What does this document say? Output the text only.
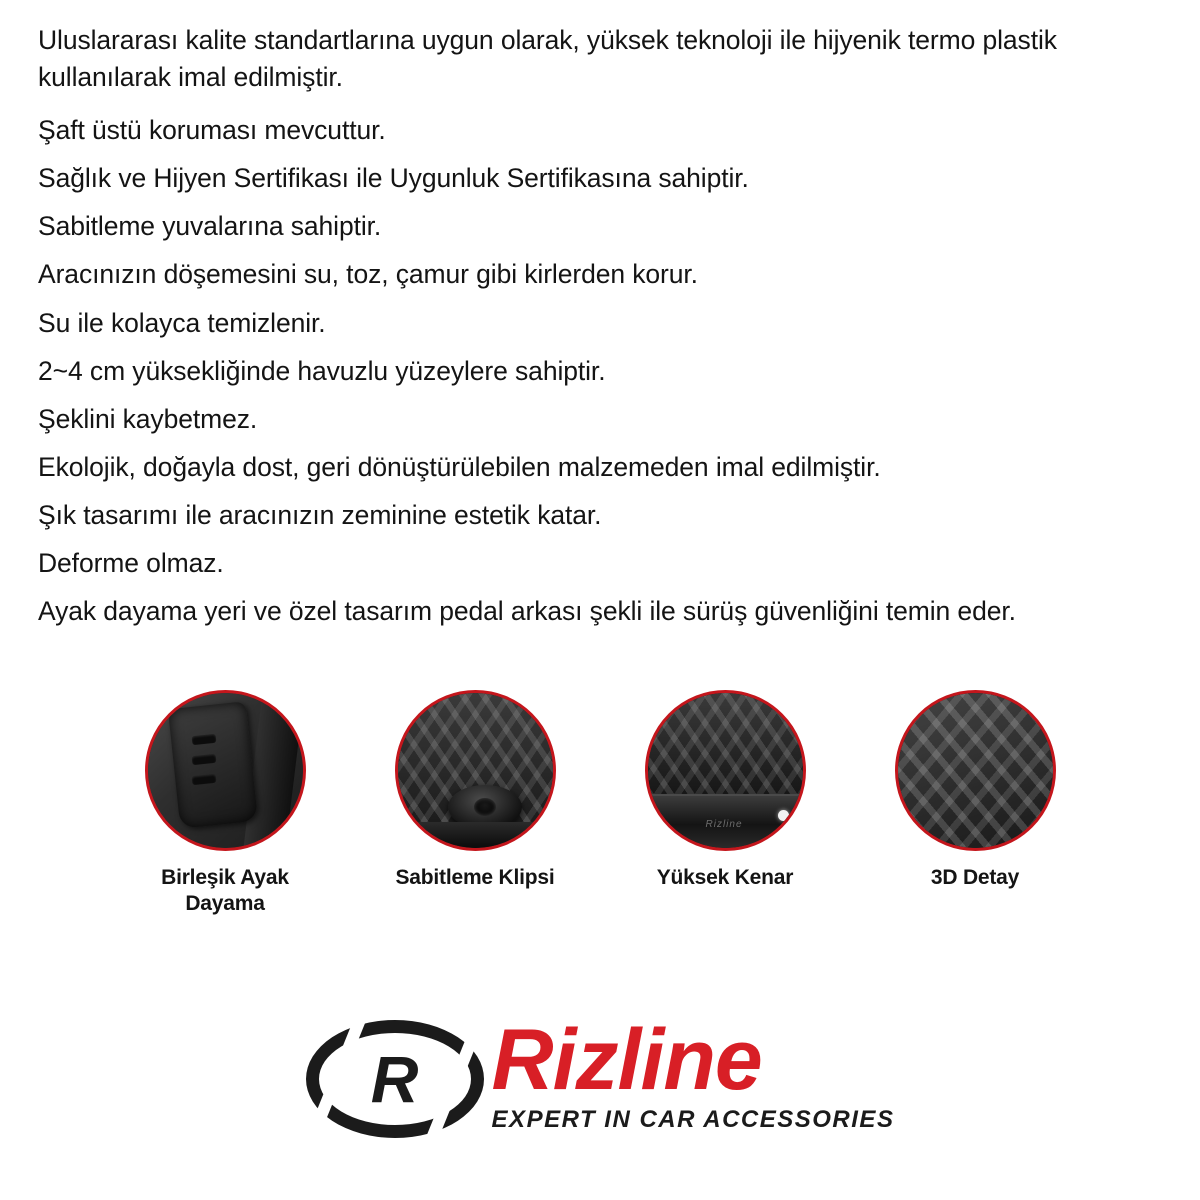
Uluslararası kalite standartlarına uygun olarak, yüksek teknoloji ile hijyenik termo plastik kullanılarak imal edilmiştir.
Şaft üstü koruması mevcuttur.
Sağlık ve Hijyen Sertifikası ile Uygunluk Sertifikasına sahiptir.
Sabitleme yuvalarına sahiptir.
Aracınızın döşemesini su, toz, çamur gibi kirlerden korur.
Su ile kolayca temizlenir.
2~4 cm yüksekliğinde havuzlu yüzeylere sahiptir.
Şeklini kaybetmez.
Ekolojik, doğayla dost, geri dönüştürülebilen malzemeden imal edilmiştir.
Şık tasarımı ile aracınızın zeminine estetik katar.
Deforme olmaz.
Ayak dayama yeri ve özel tasarım pedal arkası şekli ile sürüş güvenliğini temin eder.
Birleşik Ayak Dayama
Sabitleme Klipsi
Rizline
Yüksek Kenar	3D Detay
R Rizline
EXPERT IN CAR ACCESSORIES
